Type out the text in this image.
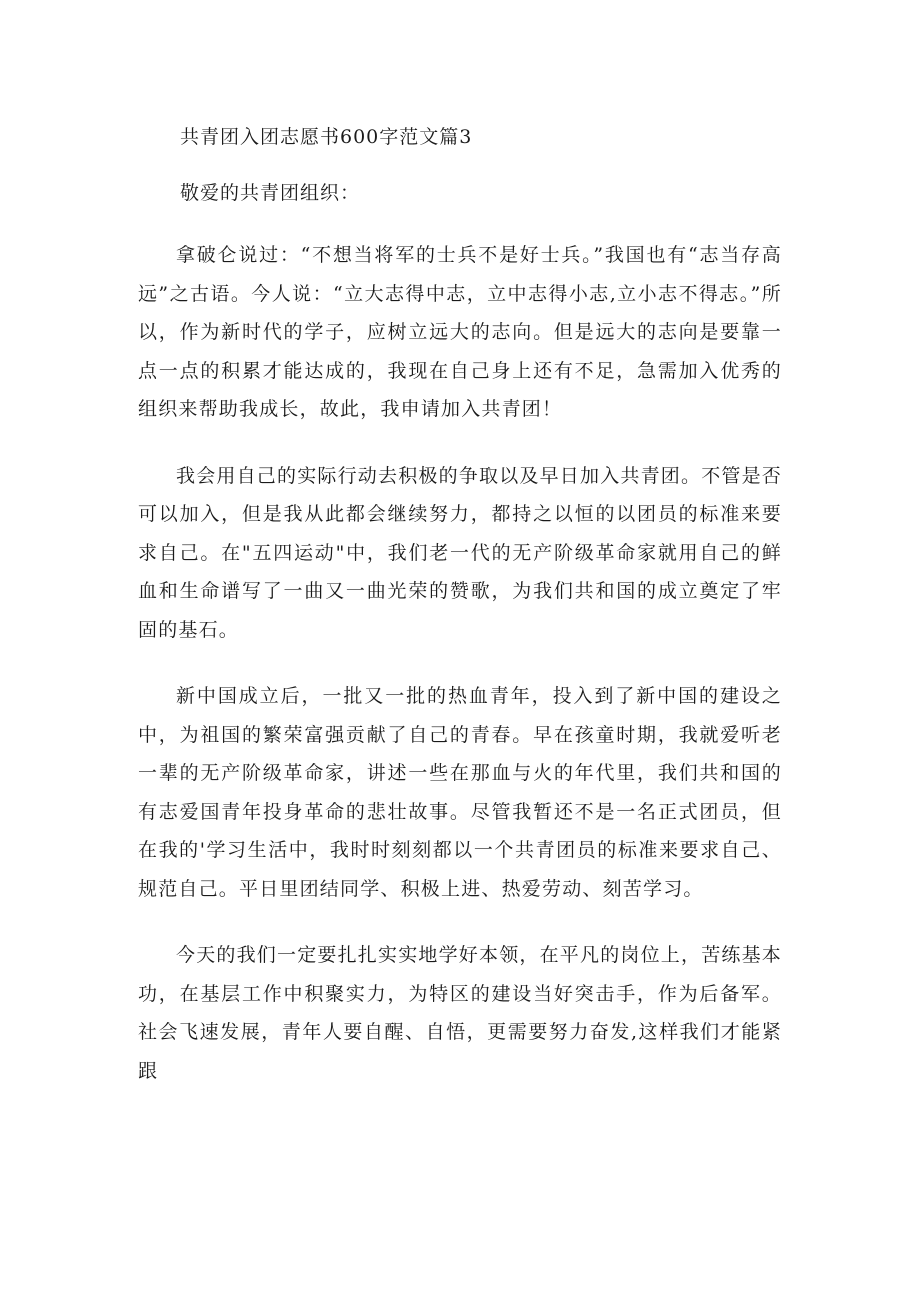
共青团入团志愿书600字范文篇3

敬爱的共青团组织：

拿破仑说过：“不想当将军的士兵不是好士兵。”我国也有“志当存高远”之古语。今人说：“立大志得中志，立中志得小志,立小志不得志。”所以，作为新时代的学子，应树立远大的志向。但是远大的志向是要靠一点一点的积累才能达成的，我现在自己身上还有不足，急需加入优秀的组织来帮助我成长，故此，我申请加入共青团！

我会用自己的实际行动去积极的争取以及早日加入共青团。不管是否可以加入，但是我从此都会继续努力，都持之以恒的以团员的标准来要求自己。在"五四运动"中，我们老一代的无产阶级革命家就用自己的鲜血和生命谱写了一曲又一曲光荣的赞歌，为我们共和国的成立奠定了牢固的基石。

新中国成立后，一批又一批的热血青年，投入到了新中国的建设之中，为祖国的繁荣富强贡献了自己的青春。早在孩童时期，我就爱听老一辈的无产阶级革命家，讲述一些在那血与火的年代里，我们共和国的有志爱国青年投身革命的悲壮故事。尽管我暂还不是一名正式团员，但在我的'学习生活中，我时时刻刻都以一个共青团员的标准来要求自己、规范自己。平日里团结同学、积极上进、热爱劳动、刻苦学习。

今天的我们一定要扎扎实实地学好本领，在平凡的岗位上，苦练基本功，在基层工作中积聚实力，为特区的建设当好突击手，作为后备军。社会飞速发展，青年人要自醒、自悟，更需要努力奋发,这样我们才能紧跟
